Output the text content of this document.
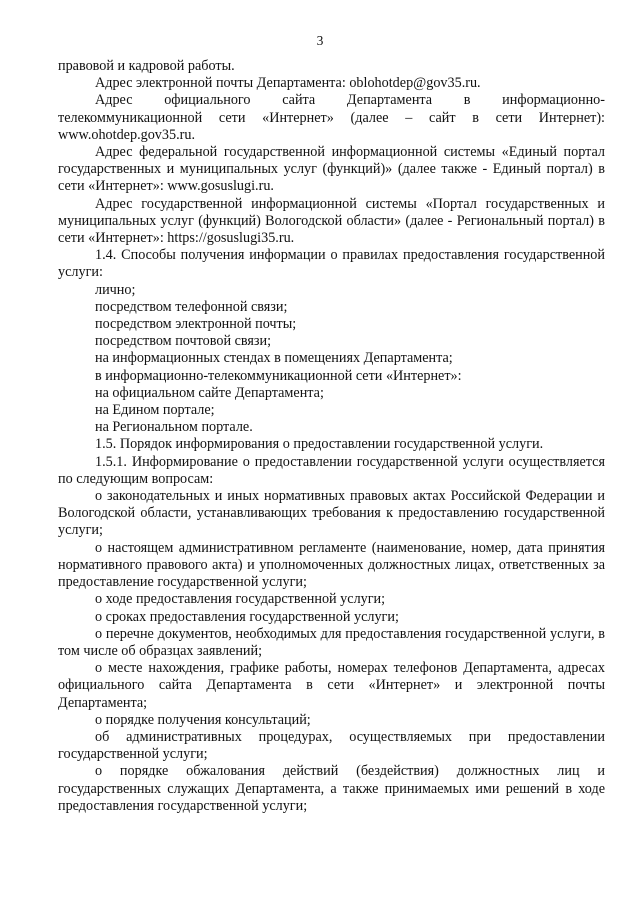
3

правовой и кадровой работы.

Адрес электронной почты Департамента: oblohotdep@gov35.ru.

Адрес официального сайта Департамента в информационно-телекоммуникационной сети «Интернет» (далее – сайт в сети Интернет): www.ohotdep.gov35.ru.

Адрес федеральной государственной информационной системы «Единый портал государственных и муниципальных услуг (функций)» (далее также - Единый портал) в сети «Интернет»: www.gosuslugi.ru.

Адрес государственной информационной системы «Портал государственных и муниципальных услуг (функций) Вологодской области» (далее - Региональный портал) в сети «Интернет»: https://gosuslugi35.ru.

1.4. Способы получения информации о правилах предоставления государственной услуги:

лично;

посредством телефонной связи;

посредством электронной почты;

посредством почтовой связи;

на информационных стендах в помещениях Департамента;

в информационно-телекоммуникационной сети «Интернет»:

на официальном сайте Департамента;

на Едином портале;

на Региональном портале.

1.5. Порядок информирования о предоставлении государственной услуги.

1.5.1. Информирование о предоставлении государственной услуги осуществляется по следующим вопросам:

о законодательных и иных нормативных правовых актах Российской Федерации и Вологодской области, устанавливающих требования к предоставлению государственной услуги;

о настоящем административном регламенте (наименование, номер, дата принятия нормативного правового акта) и уполномоченных должностных лицах, ответственных за предоставление государственной услуги;

о ходе предоставления государственной услуги;

о сроках предоставления государственной услуги;

о перечне документов, необходимых для предоставления государственной услуги, в том числе об образцах заявлений;

о месте нахождения, графике работы, номерах телефонов Департамента, адресах официального сайта Департамента в сети «Интернет» и электронной почты Департамента;

о порядке получения консультаций;

об административных процедурах, осуществляемых при предоставлении государственной услуги;

о порядке обжалования действий (бездействия) должностных лиц и государственных служащих Департамента, а также принимаемых ими решений в ходе предоставления государственной услуги;
